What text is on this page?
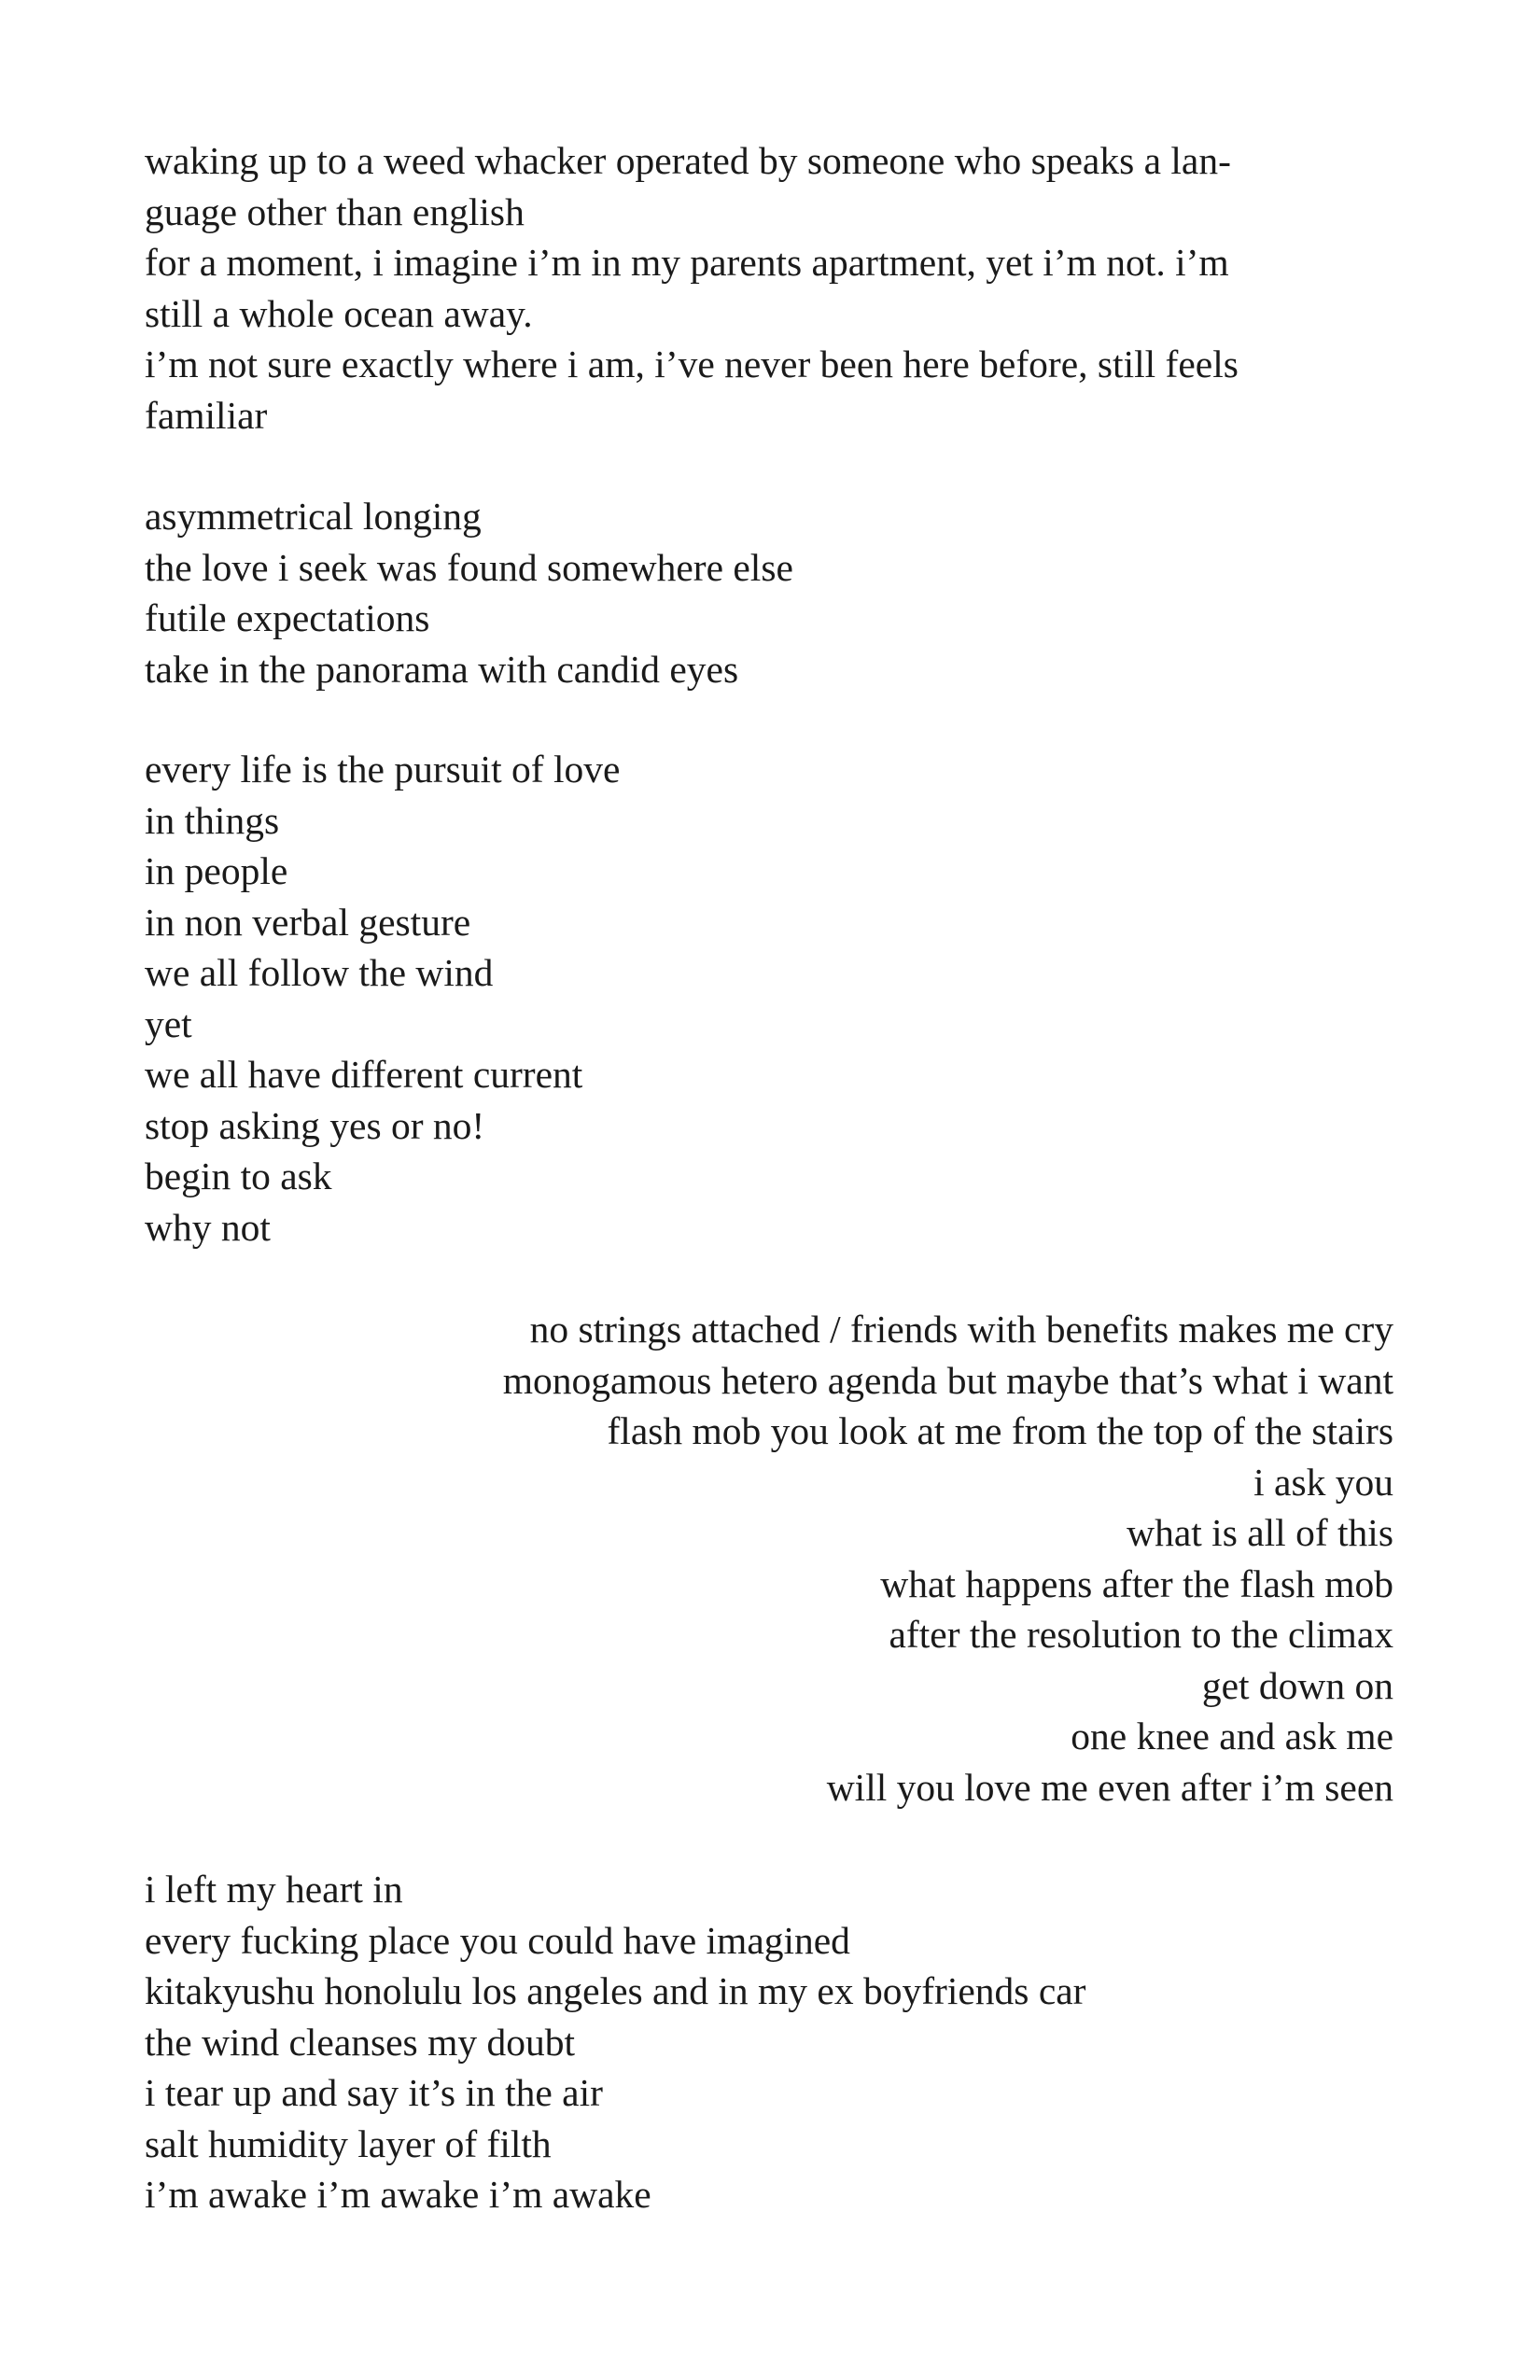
waking up to a weed whacker operated by someone who speaks a lan-
guage other than english
for a moment, i imagine i’m in my parents apartment, yet i’m not. i’m
still a whole ocean away.
i’m not sure exactly where i am, i’ve never been here before, still feels
familiar
asymmetrical longing
the love i seek was found somewhere else
futile expectations
take in the panorama with candid eyes
every life is the pursuit of love
in things
in people
in non verbal gesture
we all follow the wind
yet
we all have different current
stop asking yes or no!
begin to ask
why not
no strings attached / friends with benefits makes me cry
monogamous hetero agenda but maybe that’s what i want
flash mob you look at me from the top of the stairs
i ask you
what is all of this
what happens after the flash mob
after the resolution to the climax
get down on
one knee and ask me
will you love me even after i’m seen
i left my heart in
every fucking place you could have imagined
kitakyushu honolulu los angeles and in my ex boyfriends car
the wind cleanses my doubt
i tear up and say it’s in the air
salt humidity layer of filth
i’m awake i’m awake i’m awake
